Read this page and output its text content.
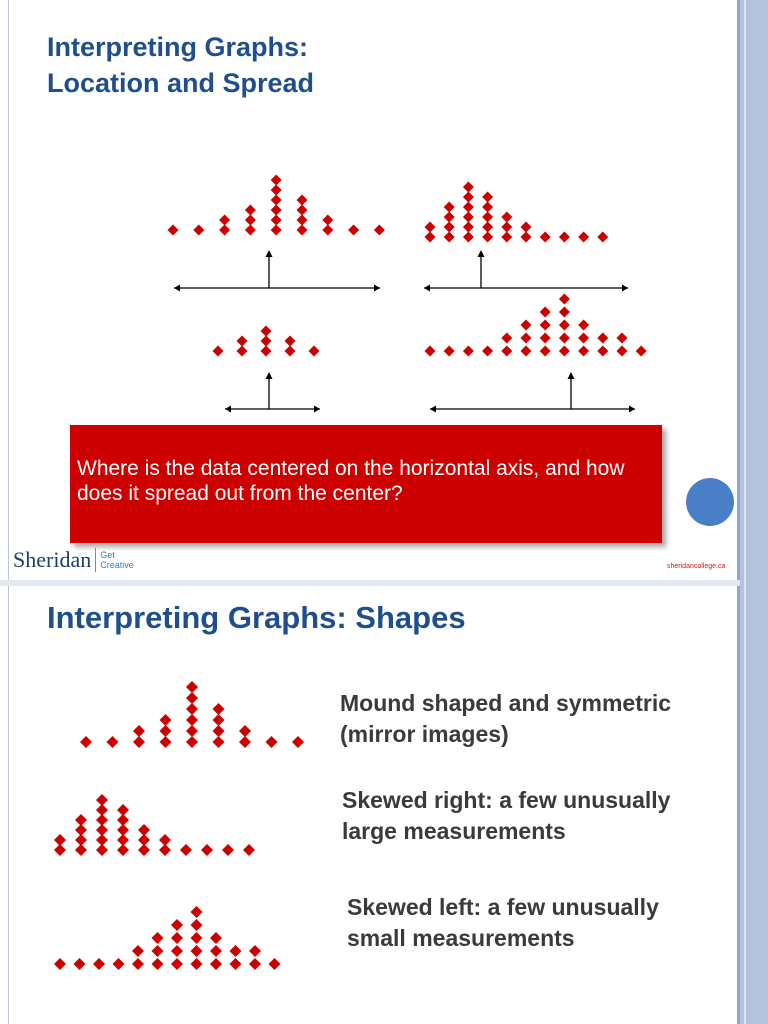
Interpreting Graphs:
Location and Spread

Where is the data centered on the horizontal axis, and how does it spread out from the center?

Sheridan Get
Creative	sheridancollege.ca
Interpreting Graphs: Shapes

Mound shaped and symmetric
(mirror images)

Skewed right: a few unusually
large measurements

Skewed left: a few unusually
small measurements
